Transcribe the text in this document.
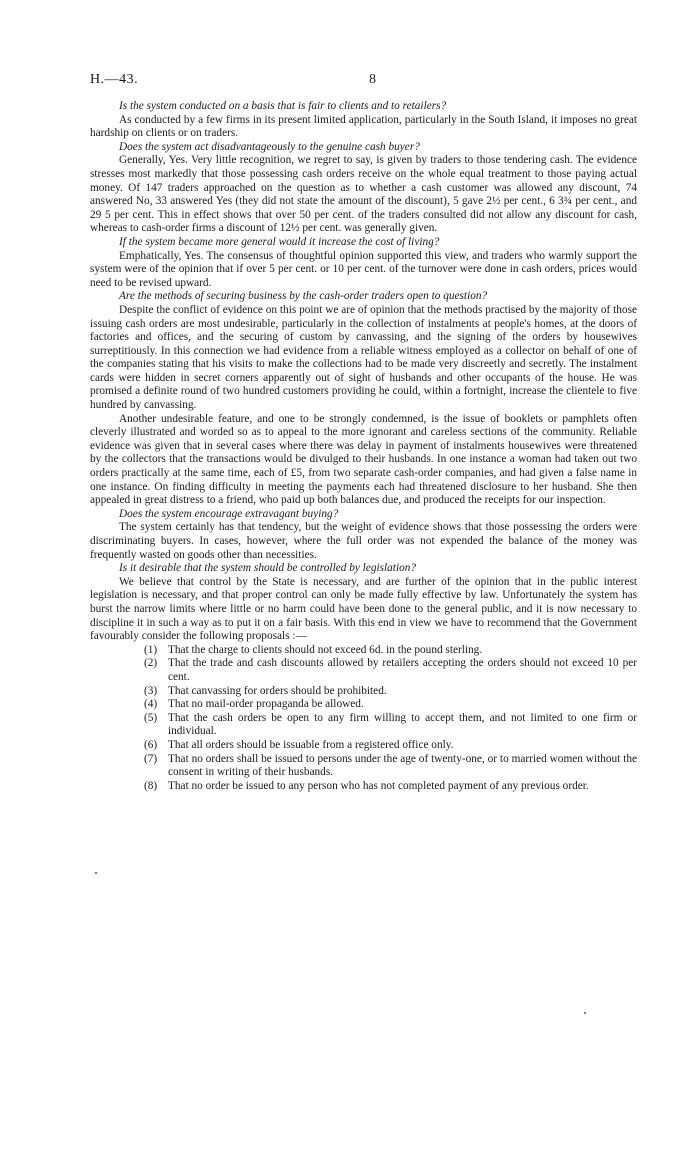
H.—43.	8

Is the system conducted on a basis that is fair to clients and to retailers?

As conducted by a few firms in its present limited application, particularly in the South Island, it imposes no great hardship on clients or on traders.

Does the system act disadvantageously to the genuine cash buyer?

Generally, Yes. Very little recognition, we regret to say, is given by traders to those tendering cash. The evidence stresses most markedly that those possessing cash orders receive on the whole equal treatment to those paying actual money. Of 147 traders approached on the question as to whether a cash customer was allowed any discount, 74 answered No, 33 answered Yes (they did not state the amount of the discount), 5 gave 2½ per cent., 6 3¾ per cent., and 29 5 per cent. This in effect shows that over 50 per cent. of the traders consulted did not allow any discount for cash, whereas to cash-order firms a discount of 12½ per cent. was generally given.

If the system became more general would it increase the cost of living?

Emphatically, Yes. The consensus of thoughtful opinion supported this view, and traders who warmly support the system were of the opinion that if over 5 per cent. or 10 per cent. of the turnover were done in cash orders, prices would need to be revised upward.

Are the methods of securing business by the cash-order traders open to question?

Despite the conflict of evidence on this point we are of opinion that the methods practised by the majority of those issuing cash orders are most undesirable, particularly in the collection of instalments at people's homes, at the doors of factories and offices, and the securing of custom by canvassing, and the signing of the orders by housewives surreptitiously. In this connection we had evidence from a reliable witness employed as a collector on behalf of one of the companies stating that his visits to make the collections had to be made very discreetly and secretly. The instalment cards were hidden in secret corners apparently out of sight of husbands and other occupants of the house. He was promised a definite round of two hundred customers providing he could, within a fortnight, increase the clientele to five hundred by canvassing.

Another undesirable feature, and one to be strongly condemned, is the issue of booklets or pamphlets often cleverly illustrated and worded so as to appeal to the more ignorant and careless sections of the community. Reliable evidence was given that in several cases where there was delay in payment of instalments housewives were threatened by the collectors that the transactions would be divulged to their husbands. In one instance a woman had taken out two orders practically at the same time, each of £5, from two separate cash-order companies, and had given a false name in one instance. On finding difficulty in meeting the payments each had threatened disclosure to her husband. She then appealed in great distress to a friend, who paid up both balances due, and produced the receipts for our inspection.

Does the system encourage extravagant buying?

The system certainly has that tendency, but the weight of evidence shows that those possessing the orders were discriminating buyers. In cases, however, where the full order was not expended the balance of the money was frequently wasted on goods other than necessities.

Is it desirable that the system should be controlled by legislation?

We believe that control by the State is necessary, and are further of the opinion that in the public interest legislation is necessary, and that proper control can only be made fully effective by law. Unfortunately the system has burst the narrow limits where little or no harm could have been done to the general public, and it is now necessary to discipline it in such a way as to put it on a fair basis. With this end in view we have to recommend that the Government favourably consider the following proposals :—

(1) That the charge to clients should not exceed 6d. in the pound sterling.
(2) That the trade and cash discounts allowed by retailers accepting the orders should not exceed 10 per cent.
(3) That canvassing for orders should be prohibited.
(4) That no mail-order propaganda be allowed.
(5) That the cash orders be open to any firm willing to accept them, and not limited to one firm or individual.
(6) That all orders should be issuable from a registered office only.
(7) That no orders shall be issued to persons under the age of twenty-one, or to married women without the consent in writing of their husbands.
(8) That no order be issued to any person who has not completed payment of any previous order.
